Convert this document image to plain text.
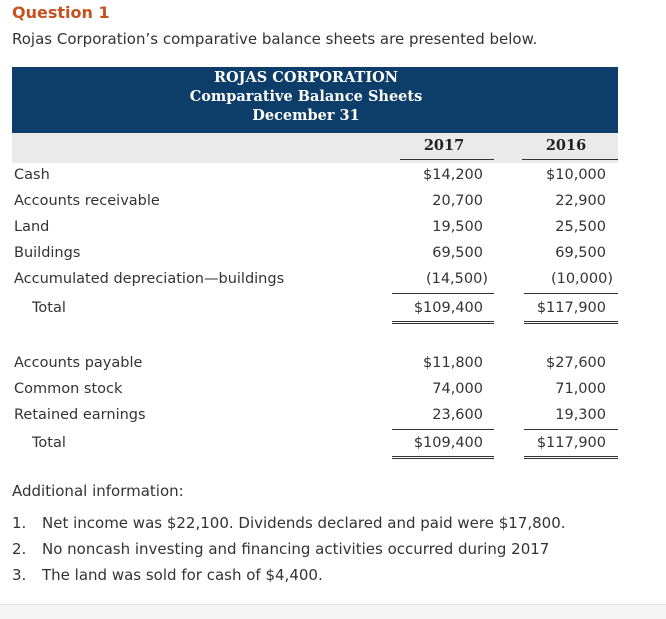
Question 1
Rojas Corporation’s comparative balance sheets are presented below.
ROJAS CORPORATION
Comparative Balance Sheets
December 31
2017	2016
Cash	$14,200	$10,000
Accounts receivable	20,700	22,900
Land	19,500	25,500
Buildings	69,500	69,500
Accumulated depreciation—buildings	(14,500)	(10,000)
Total	$109,400	$117,900
Accounts payable	$11,800	$27,600
Common stock	74,000	71,000
Retained earnings	23,600	19,300
Total	$109,400	$117,900
Additional information:
1. Net income was $22,100. Dividends declared and paid were $17,800.
2. No noncash investing and financing activities occurred during 2017
3. The land was sold for cash of $4,400.
